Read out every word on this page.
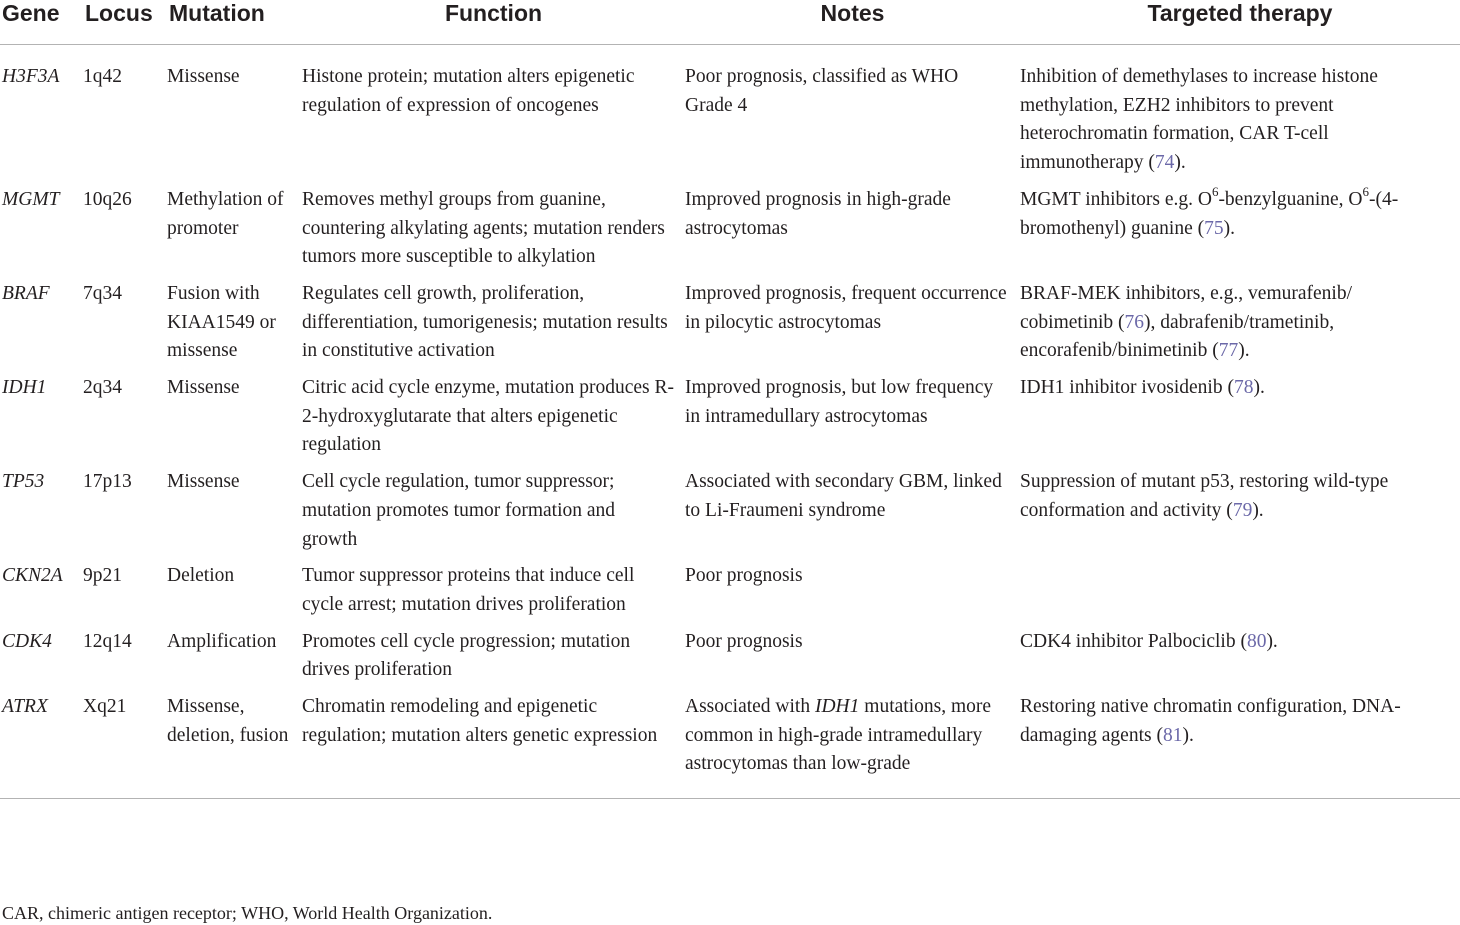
Gene	Locus	Mutation	Function	Notes	Targeted therapy
H3F3A	1q42	Missense	Histone protein; mutation alters epigenetic regulation of expression of oncogenes	Poor prognosis, classified as WHO Grade 4	Inhibition of demethylases to increase histone methylation, EZH2 inhibitors to prevent heterochromatin formation, CAR T-cell immunotherapy (74).
MGMT	10q26	Methylation of promoter	Removes methyl groups from guanine, countering alkylating agents; mutation renders tumors more susceptible to alkylation	Improved prognosis in high-grade astrocytomas	MGMT inhibitors e.g. $O^6$-benzylguanine, $O^6-(4-bromothenyl)$ guanine (75).
BRAF	7q34	Fusion with KIAA1549 or missense	Regulates cell growth, proliferation, differentiation, tumorigenesis; mutation results in constitutive activation	Improved prognosis, frequent occurrence in pilocytic astrocytomas	BRAF-MEK inhibitors, e.g., vemurafenib/ cobimetinib (76), dabrafenib/trametinib, encorafenib/binimetinib (77).
IDH1	2q34	Missense	Citric acid cycle enzyme, mutation produces R-2-hydroxyglutarate that alters epigenetic regulation	Improved prognosis, but low frequency in intramedullary astrocytomas	IDH1 inhibitor ivosidenib (78).
TP53	17p13	Missense	Cell cycle regulation, tumor suppressor; mutation promotes tumor formation and growth	Associated with secondary GBM, linked to Li-Fraumeni syndrome	Suppression of mutant p53, restoring wild-type conformation and activity (79).
CKN2A	9p21	Deletion	Tumor suppressor proteins that induce cell cycle arrest; mutation drives proliferation	Poor prognosis	
CDK4	12q14	Amplification	Promotes cell cycle progression; mutation drives proliferation	Poor prognosis	CDK4 inhibitor Palbociclib (80).
ATRX	Xq21	Missense, deletion, fusion	Chromatin remodeling and epigenetic regulation; mutation alters genetic expression	Associated with IDH1 mutations, more common in high-grade intramedullary astrocytomas than low-grade	Restoring native chromatin configuration, DNA-damaging agents (81).
CAR, chimeric antigen receptor; WHO, World Health Organization.
